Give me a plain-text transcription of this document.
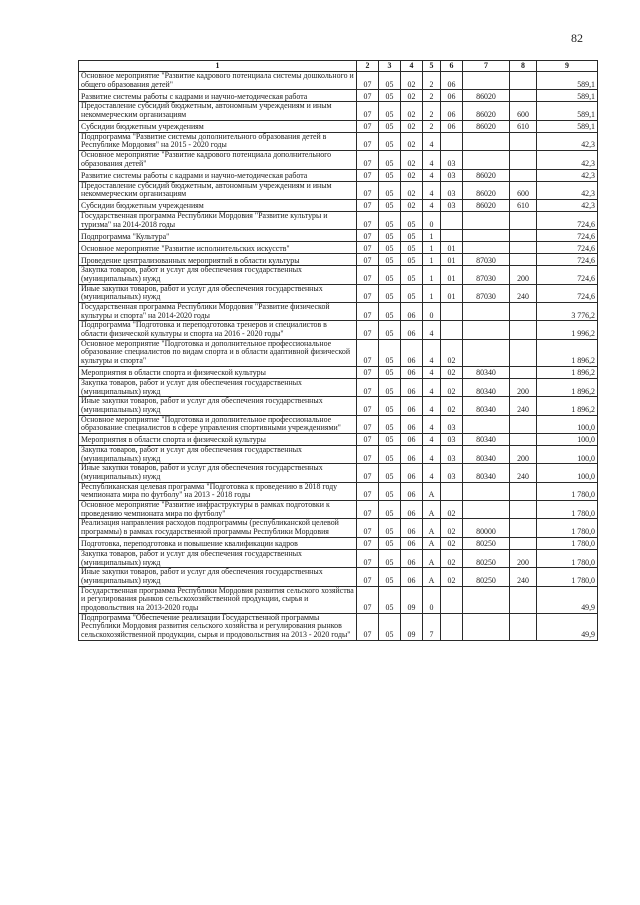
82
1	2	3	4	5	6	7	8	9
Основное мероприятие "Развитие кадрового потенциала системы дошкольного и общего образования детей"	07	05	02	2	06			589,1
Развитие системы работы с кадрами и научно-методическая работа	07	05	02	2	06	86020		589,1
Предоставление субсидий бюджетным, автономным учреждениям и иным некоммерческим организациям	07	05	02	2	06	86020	600	589,1
Субсидии бюджетным учреждениям	07	05	02	2	06	86020	610	589,1
Подпрограмма "Развитие системы дополнительного образования детей в Республике Мордовия" на 2015 - 2020 годы	07	05	02	4				42,3
Основное мероприятие "Развитие кадрового потенциала дополнительного образования детей"	07	05	02	4	03			42,3
Развитие системы работы с кадрами и научно-методическая работа	07	05	02	4	03	86020		42,3
Предоставление субсидий бюджетным, автономным учреждениям и иным некоммерческим организациям	07	05	02	4	03	86020	600	42,3
Субсидии бюджетным учреждениям	07	05	02	4	03	86020	610	42,3
Государственная программа Республики Мордовия "Развитие культуры и туризма" на 2014-2018 годы	07	05	05	0				724,6
Подпрограмма "Культура"	07	05	05	1				724,6
Основное мероприятие "Развитие исполнительских искусств"	07	05	05	1	01			724,6
Проведение централизованных мероприятий в области культуры	07	05	05	1	01	87030		724,6
Закупка товаров, работ и услуг для обеспечения государственных (муниципальных) нужд	07	05	05	1	01	87030	200	724,6
Иные закупки товаров, работ и услуг для обеспечения государственных (муниципальных) нужд	07	05	05	1	01	87030	240	724,6
Государственная программа Республики Мордовия "Развитие физической культуры и спорта" на 2014-2020 годы	07	05	06	0				3 776,2
Подпрограмма "Подготовка и переподготовка тренеров и специалистов в области физической культуры и спорта на 2016 - 2020 годы"	07	05	06	4				1 996,2
Основное мероприятие "Подготовка и дополнительное профессиональное образование специалистов по видам спорта и в области адаптивной физической культуры и спорта"	07	05	06	4	02			1 896,2
Мероприятия в области спорта и физической культуры	07	05	06	4	02	80340		1 896,2
Закупка товаров, работ и услуг для обеспечения государственных (муниципальных) нужд	07	05	06	4	02	80340	200	1 896,2
Иные закупки товаров, работ и услуг для обеспечения государственных (муниципальных) нужд	07	05	06	4	02	80340	240	1 896,2
Основное мероприятие "Подготовка и дополнительное профессиональное образование специалистов в сфере управления спортивными учреждениями"	07	05	06	4	03			100,0
Мероприятия в области спорта и физической культуры	07	05	06	4	03	80340		100,0
Закупка товаров, работ и услуг для обеспечения государственных (муниципальных) нужд	07	05	06	4	03	80340	200	100,0
Иные закупки товаров, работ и услуг для обеспечения государственных (муниципальных) нужд	07	05	06	4	03	80340	240	100,0
Республиканская целевая программа "Подготовка к проведению в 2018 году чемпионата мира по футболу" на 2013 - 2018 годы	07	05	06	А				1 780,0
Основное мероприятие "Развитие инфраструктуры в рамках подготовки к проведению чемпионата мира по футболу"	07	05	06	А	02			1 780,0
Реализация направления расходов подпрограммы (республиканской целевой программы) в рамках государственной программы Республики Мордовия	07	05	06	А	02	80000		1 780,0
Подготовка, переподготовка и повышение квалификации кадров	07	05	06	А	02	80250		1 780,0
Закупка товаров, работ и услуг для обеспечения государственных (муниципальных) нужд	07	05	06	А	02	80250	200	1 780,0
Иные закупки товаров, работ и услуг для обеспечения государственных (муниципальных) нужд	07	05	06	А	02	80250	240	1 780,0
Государственная программа Республики Мордовия развития сельского хозяйства и регулирования рынков сельскохозяйственной продукции, сырья и продовольствия на 2013-2020 годы	07	05	09	0				49,9
Подпрограмма "Обеспечение реализации Государственной программы Республики Мордовия развития сельского хозяйства и регулирования рынков сельскохозяйственной продукции, сырья и продовольствия на 2013 - 2020 годы"	07	05	09	7				49,9
